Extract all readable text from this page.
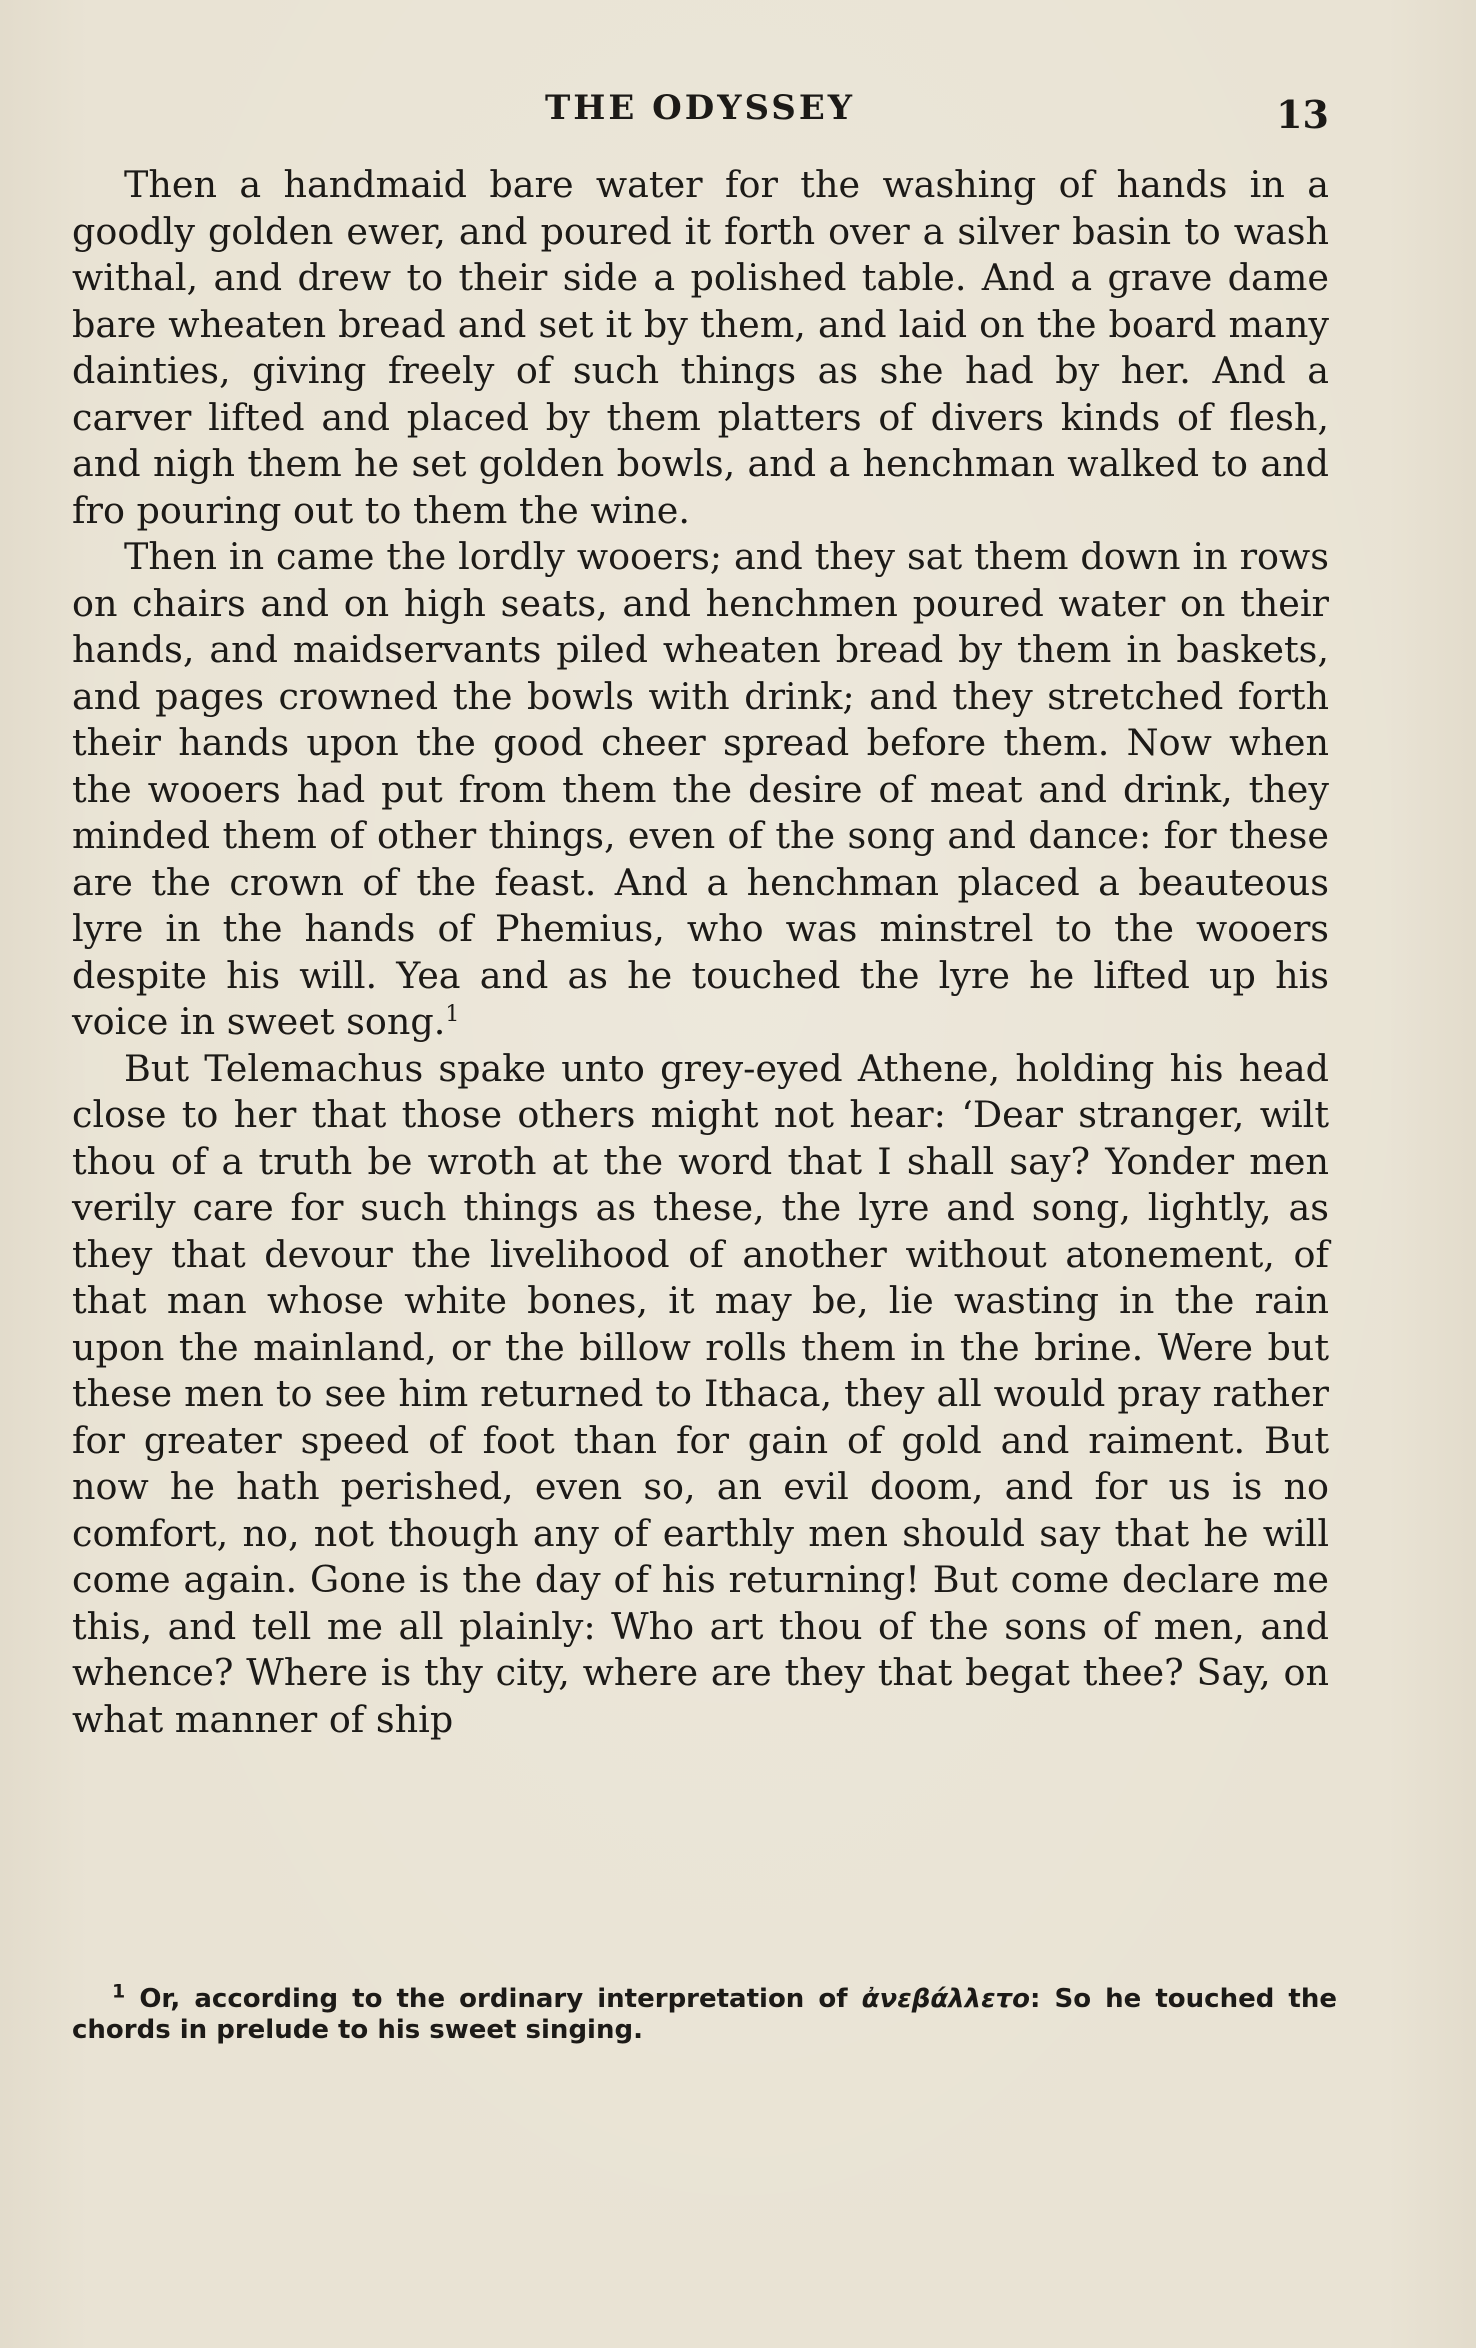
THE ODYSSEY	13

Then a handmaid bare water for the washing of hands in a goodly golden ewer, and poured it forth over a silver basin to wash withal, and drew to their side a polished table. And a grave dame bare wheaten bread and set it by them, and laid on the board many dainties, giving freely of such things as she had by her. And a carver lifted and placed by them platters of divers kinds of flesh, and nigh them he set golden bowls, and a henchman walked to and fro pouring out to them the wine.

Then in came the lordly wooers; and they sat them down in rows on chairs and on high seats, and henchmen poured water on their hands, and maidservants piled wheaten bread by them in baskets, and pages crowned the bowls with drink; and they stretched forth their hands upon the good cheer spread before them. Now when the wooers had put from them the desire of meat and drink, they minded them of other things, even of the song and dance: for these are the crown of the feast. And a henchman placed a beauteous lyre in the hands of Phemius, who was minstrel to the wooers despite his will. Yea and as he touched the lyre he lifted up his voice in sweet song.$^1$

But Telemachus spake unto grey-eyed Athene, holding his head close to her that those others might not hear: ‘Dear stranger, wilt thou of a truth be wroth at the word that I shall say? Yonder men verily care for such things as these, the lyre and song, lightly, as they that devour the livelihood of another without atonement, of that man whose white bones, it may be, lie wasting in the rain upon the mainland, or the billow rolls them in the brine. Were but these men to see him returned to Ithaca, they all would pray rather for greater speed of foot than for gain of gold and raiment. But now he hath perished, even so, an evil doom, and for us is no comfort, no, not though any of earthly men should say that he will come again. Gone is the day of his returning! But come declare me this, and tell me all plainly: Who art thou of the sons of men, and whence? Where is thy city, where are they that begat thee? Say, on what manner of ship

$^1$ Or, according to the ordinary interpretation of ἀνεβάλλετο: So he touched the chords in prelude to his sweet singing.
